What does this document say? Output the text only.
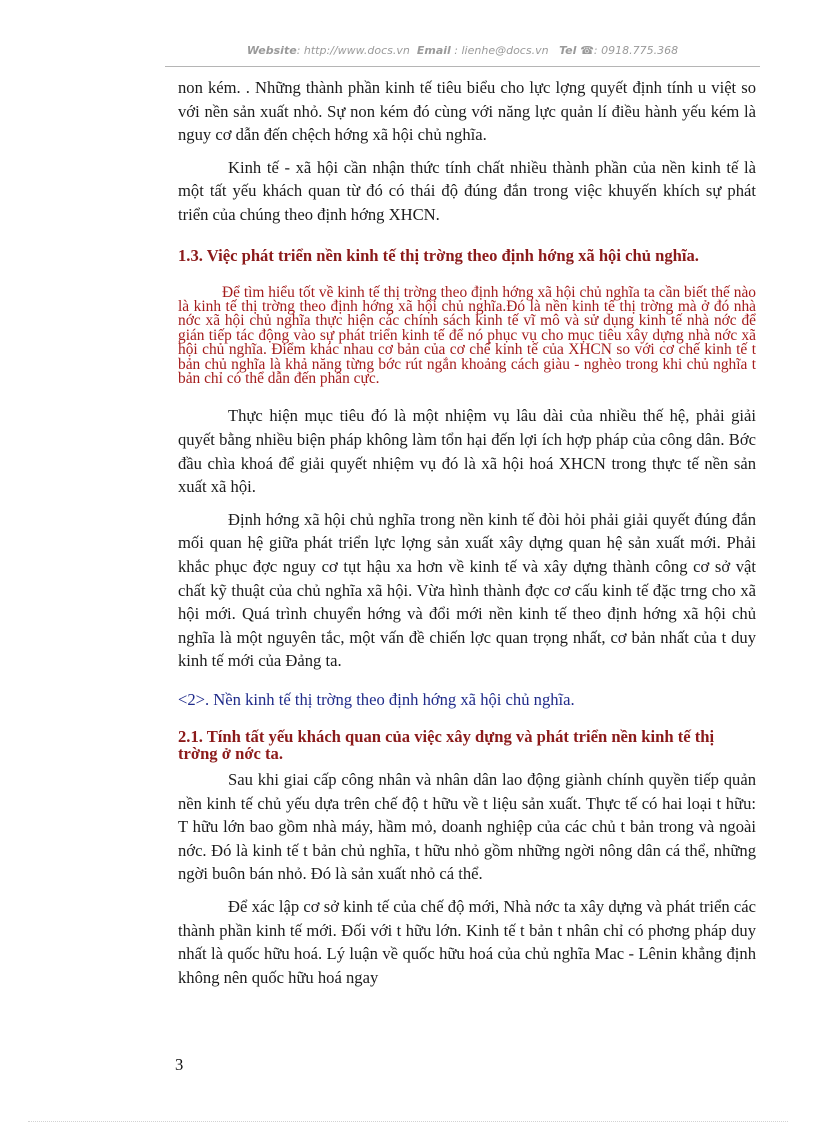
Website: http://www.docs.vn Email : lienhe@docs.vn Tel ☎: 0918.775.368

non kém. . Những thành phần kinh tế tiêu biểu cho lực lợng quyết định tính u việt so với nền sản xuất nhỏ. Sự non kém đó cùng với năng lực quản lí điều hành yếu kém là nguy cơ dẫn đến chệch hớng xã hội chủ nghĩa.

Kinh tế - xã hội cần nhận thức tính chất nhiều thành phần của nền kinh tế là một tất yếu khách quan từ đó có thái độ đúng đắn trong việc khuyến khích sự phát triển của chúng theo định hớng XHCN.

1.3. Việc phát triển nền kinh tế thị trờng theo định hớng xã hội chủ nghĩa.

Để tìm hiểu tốt về kinh tế thị trờng theo định hớng xã hội chủ nghĩa ta cần biết thế nào là kinh tế thị trờng theo định hớng xã hội chủ nghĩa.Đó là nền kinh tế thị trờng mà ở đó nhà nớc xã hội chủ nghĩa thực hiện các chính sách kinh tế vĩ mô và sử dụng kinh tế nhà nớc để gián tiếp tác động vào sự phát triển kinh tế để nó phục vụ cho mục tiêu xây dựng nhà nớc xã hội chủ nghĩa. Điểm khác nhau cơ bản của cơ chế kinh tế của XHCN so với cơ chế kinh tế t bản chủ nghĩa là khả năng từng bớc rút ngắn khoảng cách giàu - nghèo trong khi chủ nghĩa t bản chỉ có thể dẫn đến phân cực.

Thực hiện mục tiêu đó là một nhiệm vụ lâu dài của nhiều thế hệ, phải giải quyết bằng nhiều biện pháp không làm tổn hại đến lợi ích hợp pháp của công dân. Bớc đầu chìa khoá để giải quyết nhiệm vụ đó là xã hội hoá XHCN trong thực tế nền sản xuất xã hội.

Định hớng xã hội chủ nghĩa trong nền kinh tế đòi hỏi phải giải quyết đúng đắn mối quan hệ giữa phát triển lực lợng sản xuất xây dựng quan hệ sản xuất mới. Phải khắc phục đợc nguy cơ tụt hậu xa hơn về kinh tế và xây dựng thành công cơ sở vật chất kỹ thuật của chủ nghĩa xã hội. Vừa hình thành đợc cơ cấu kinh tế đặc trng cho xã hội mới. Quá trình chuyển hớng và đổi mới nền kinh tế theo định hớng xã hội chủ nghĩa là một nguyên tắc, một vấn đề chiến lợc quan trọng nhất, cơ bản nhất của t duy kinh tế mới của Đảng ta.

<2>. Nền kinh tế thị trờng theo định hớng xã hội chủ nghĩa.

2.1. Tính tất yếu khách quan của việc xây dựng và phát triển nền kinh tế thị trờng ở nớc ta.

Sau khi giai cấp công nhân và nhân dân lao động giành chính quyền tiếp quản nền kinh tế chủ yếu dựa trên chế độ t hữu về t liệu sản xuất. Thực tế có hai loại t hữu: T hữu lớn bao gồm nhà máy, hầm mỏ, doanh nghiệp của các chủ t bản trong và ngoài nớc. Đó là kinh tế t bản chủ nghĩa, t hữu nhỏ gồm những ngời nông dân cá thể, những ngời buôn bán nhỏ. Đó là sản xuất nhỏ cá thể.

Để xác lập cơ sở kinh tế của chế độ mới, Nhà nớc ta xây dựng và phát triển các thành phần kinh tế mới. Đối với t hữu lớn. Kinh tế t bản t nhân chỉ có phơng pháp duy nhất là quốc hữu hoá. Lý luận về quốc hữu hoá của chủ nghĩa Mac - Lênin khẳng định không nên quốc hữu hoá ngay

3
